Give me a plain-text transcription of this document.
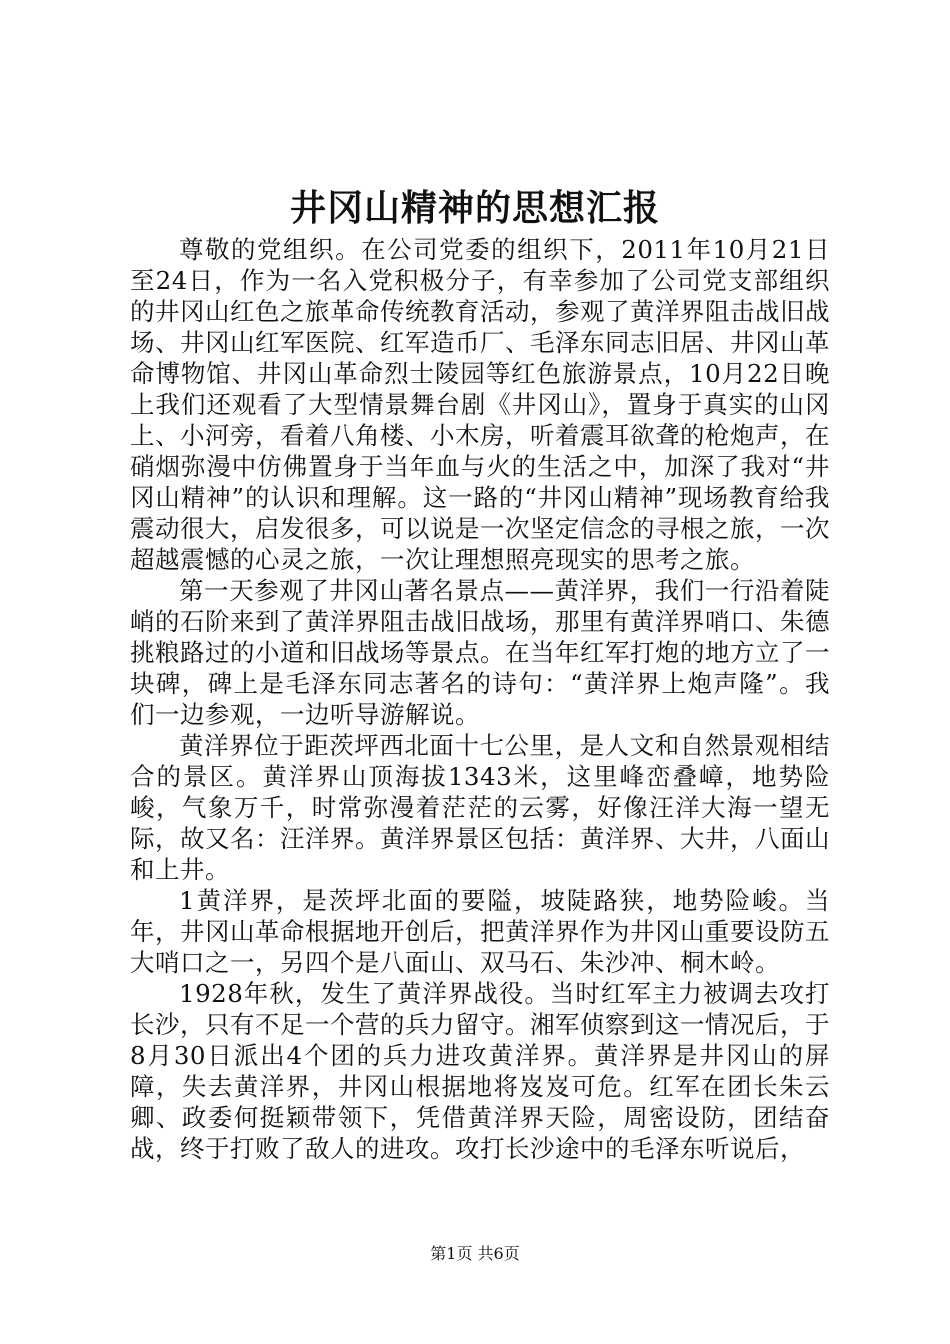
井冈山精神的思想汇报

尊敬的党组织。在公司党委的组织下，2011年10月21日至24日，作为一名入党积极分子，有幸参加了公司党支部组织的井冈山红色之旅革命传统教育活动，参观了黄洋界阻击战旧战场、井冈山红军医院、红军造币厂、毛泽东同志旧居、井冈山革命博物馆、井冈山革命烈士陵园等红色旅游景点，10月22日晚上我们还观看了大型情景舞台剧《井冈山》，置身于真实的山冈上、小河旁，看着八角楼、小木房，听着震耳欲聋的枪炮声，在硝烟弥漫中仿佛置身于当年血与火的生活之中，加深了我对“井冈山精神”的认识和理解。这一路的“井冈山精神”现场教育给我震动很大，启发很多，可以说是一次坚定信念的寻根之旅，一次超越震憾的心灵之旅，一次让理想照亮现实的思考之旅。

第一天参观了井冈山著名景点——黄洋界，我们一行沿着陡峭的石阶来到了黄洋界阻击战旧战场，那里有黄洋界哨口、朱德挑粮路过的小道和旧战场等景点。在当年红军打炮的地方立了一块碑，碑上是毛泽东同志著名的诗句：“黄洋界上炮声隆”。我们一边参观，一边听导游解说。

黄洋界位于距茨坪西北面十七公里，是人文和自然景观相结合的景区。黄洋界山顶海拔1343米，这里峰峦叠嶂，地势险峻，气象万千，时常弥漫着茫茫的云雾，好像汪洋大海一望无际，故又名：汪洋界。黄洋界景区包括：黄洋界、大井，八面山和上井。

1黄洋界，是茨坪北面的要隘，坡陡路狭，地势险峻。当年，井冈山革命根据地开创后，把黄洋界作为井冈山重要设防五大哨口之一，另四个是八面山、双马石、朱沙冲、桐木岭。

1928年秋，发生了黄洋界战役。当时红军主力被调去攻打长沙，只有不足一个营的兵力留守。湘军侦察到这一情况后，于8月30日派出4个团的兵力进攻黄洋界。黄洋界是井冈山的屏障，失去黄洋界，井冈山根据地将岌岌可危。红军在团长朱云卿、政委何挺颖带领下，凭借黄洋界天险，周密设防，团结奋战，终于打败了敌人的进攻。攻打长沙途中的毛泽东听说后，

第1页 共6页
